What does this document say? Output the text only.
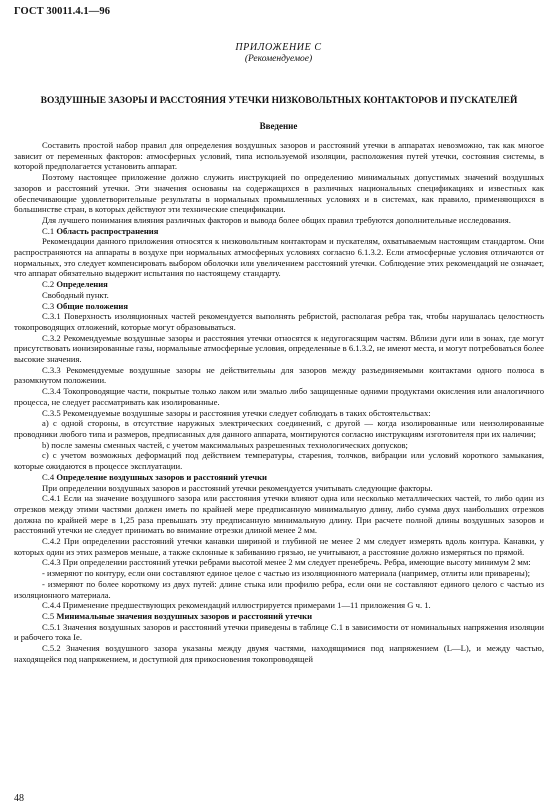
ГОСТ 30011.4.1—96
ПРИЛОЖЕНИЕ С
(Рекомендуемое)
ВОЗДУШНЫЕ ЗАЗОРЫ И РАССТОЯНИЯ УТЕЧКИ НИЗКОВОЛЬТНЫХ КОНТАКТОРОВ И ПУСКАТЕЛЕЙ
Введение

Составить простой набор правил для определения воздушных зазоров и расстояний утечки в аппаратах невозможно, так как многое зависит от переменных факторов: атмосферных условий, типа используемой изоляции, расположения путей утечки, состояния системы, в которой предполагается установить аппарат.

Поэтому настоящее приложение должно служить инструкцией по определению минимальных допустимых значений воздушных зазоров и расстояний утечки. Эти значения основаны на содержащихся в различных национальных спецификациях и известных как обеспечивающие удовлетворительные результаты в нормальных промышленных условиях и в системах, как правило, применяющихся в большинстве стран, в которых действуют эти технические спецификации.

Для лучшего понимания влияния различных факторов и вывода более общих правил требуются дополнительные исследования.

С.1 Область распространения

Рекомендации данного приложения относятся к низковольтным контакторам и пускателям, охватываемым настоящим стандартом. Они распространяются на аппараты в воздухе при нормальных атмосферных условиях согласно 6.1.3.2. Если атмосферные условия отличаются от нормальных, это следует компенсировать выбором оболочки или увеличением расстояний утечки. Соблюдение этих рекомендаций не означает, что аппарат обязательно выдержит испытания по настоящему стандарту.

С.2 Определения

Свободный пункт.

С.3 Общие положения

С.3.1 Поверхность изоляционных частей рекомендуется выполнять ребристой, располагая ребра так, чтобы нарушалась целостность токопроводящих отложений, которые могут образовываться.

С.3.2 Рекомендуемые воздушные зазоры и расстояния утечки относятся к недугогасящим частям. Вблизи дуги или в зонах, где могут присутствовать ионизированные газы, нормальные атмосферные условия, определенные в 6.1.3.2, не имеют места, и могут потребоваться более высокие значения.

С.3.3 Рекомендуемые воздушные зазоры не действительны для зазоров между разъединяемыми контактами одного полюса в разомкнутом положении.

С.3.4 Токопроводящие части, покрытые только лаком или эмалью либо защищенные одними продуктами окисления или аналогичного процесса, не следует рассматривать как изолированные.

С.3.5 Рекомендуемые воздушные зазоры и расстояния утечки следует соблюдать в таких обстоятельствах:

а) с одной стороны, в отсутствие наружных электрических соединений, с другой — когда изолированные или неизолированные проводники любого типа и размеров, предписанных для данного аппарата, монтируются согласно инструкциям изготовителя при их наличии;

b) после замены сменных частей, с учетом максимальных разрешенных технологических допусков;

с) с учетом возможных деформаций под действием температуры, старения, толчков, вибрации или условий короткого замыкания, которые ожидаются в процессе эксплуатации.

С.4 Определение воздушных зазоров и расстояний утечки

При определении воздушных зазоров и расстояний утечки рекомендуется учитывать следующие факторы.

С.4.1 Если на значение воздушного зазора или расстояния утечки влияют одна или несколько металлических частей, то либо один из отрезков между этими частями должен иметь по крайней мере предписанную минимальную длину, либо сумма двух наибольших отрезков должна по крайней мере в 1,25 раза превышать эту предписанную минимальную длину. При расчете полной длины воздушных зазоров и расстояний утечки не следует принимать во внимание отрезки длиной менее 2 мм.

С.4.2 При определении расстояний утечки канавки шириной и глубиной не менее 2 мм следует измерять вдоль контура. Канавки, у которых один из этих размеров меньше, а также склонные к забиванию грязью, не учитывают, а расстояние должно измеряться по прямой.

С.4.3 При определении расстояний утечки ребрами высотой менее 2 мм следует пренебречь. Ребра, имеющие высоту минимум 2 мм:

- измеряют по контуру, если они составляют единое целое с частью из изоляционного материала (например, отлиты или приварены);

- измеряют по более короткому из двух путей: длине стыка или профилю ребра, если они не составляют единого целого с частью из изоляционного материала.

С.4.4 Применение предшествующих рекомендаций иллюстрируется примерами 1—11 приложения G ч. 1.

С.5 Минимальные значения воздушных зазоров и расстояний утечки

С.5.1 Значения воздушных зазоров и расстояний утечки приведены в таблице С.1 в зависимости от номинальных напряжения изоляции и рабочего тока Iе.

С.5.2 Значения воздушного зазора указаны между двумя частями, находящимися под напряжением (L—L), и между частью, находящейся под напряжением, и доступной для прикосновения токопроводящей

48
